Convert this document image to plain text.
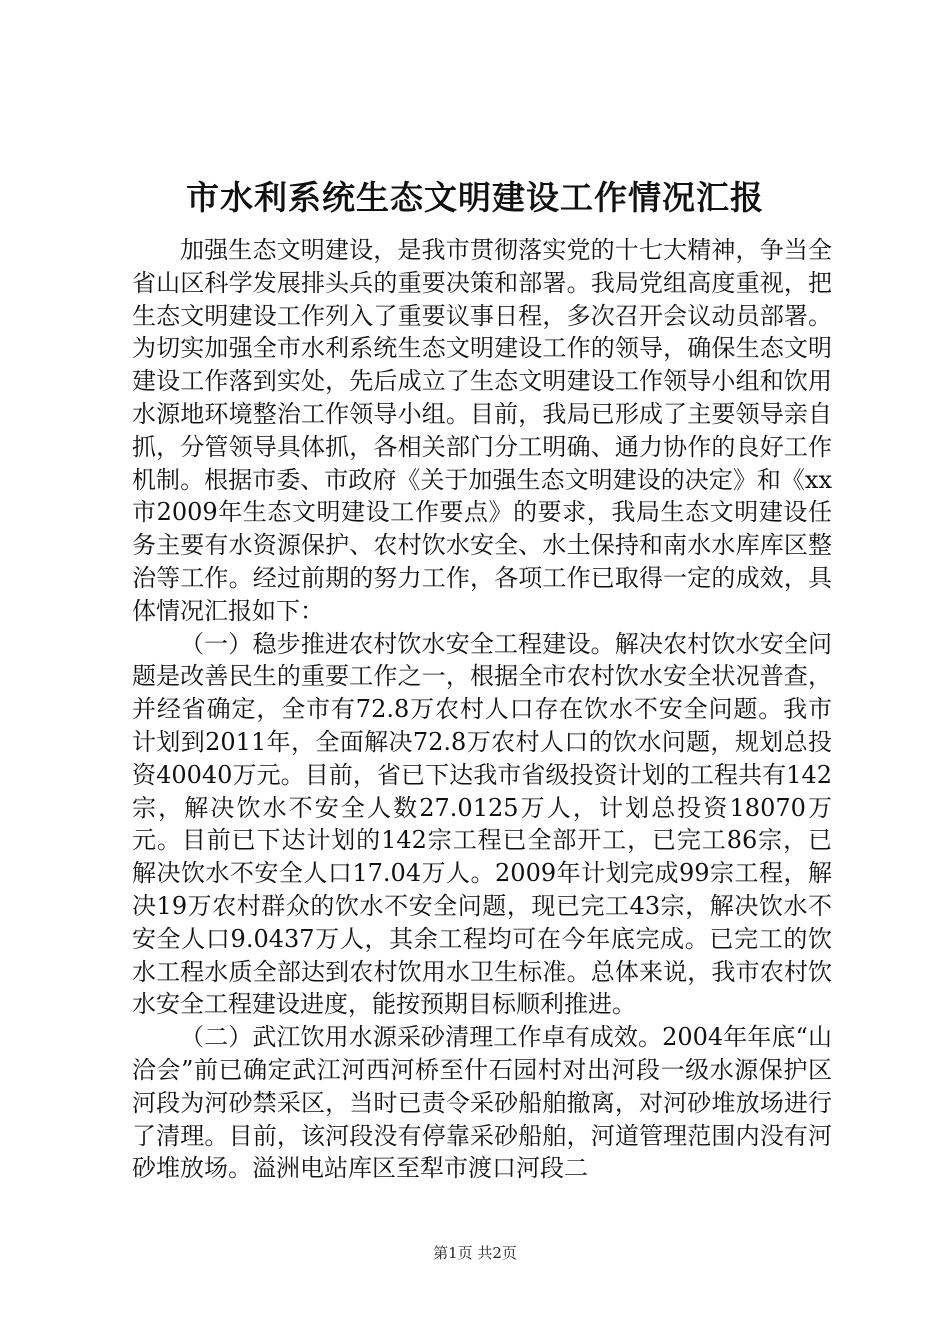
市水利系统生态文明建设工作情况汇报

加强生态文明建设，是我市贯彻落实党的十七大精神，争当全省山区科学发展排头兵的重要决策和部署。我局党组高度重视，把生态文明建设工作列入了重要议事日程，多次召开会议动员部署。为切实加强全市水利系统生态文明建设工作的领导，确保生态文明建设工作落到实处，先后成立了生态文明建设工作领导小组和饮用水源地环境整治工作领导小组。目前，我局已形成了主要领导亲自抓，分管领导具体抓，各相关部门分工明确、通力协作的良好工作机制。根据市委、市政府《关于加强生态文明建设的决定》和《xx市2009年生态文明建设工作要点》的要求，我局生态文明建设任务主要有水资源保护、农村饮水安全、水土保持和南水水库库区整治等工作。经过前期的努力工作，各项工作已取得一定的成效，具体情况汇报如下：

（一）稳步推进农村饮水安全工程建设。解决农村饮水安全问题是改善民生的重要工作之一，根据全市农村饮水安全状况普查，并经省确定，全市有72.8万农村人口存在饮水不安全问题。我市计划到2011年，全面解决72.8万农村人口的饮水问题，规划总投资40040万元。目前，省已下达我市省级投资计划的工程共有142宗，解决饮水不安全人数27.0125万人，计划总投资18070万元。目前已下达计划的142宗工程已全部开工，已完工86宗，已解决饮水不安全人口17.04万人。2009年计划完成99宗工程，解决19万农村群众的饮水不安全问题，现已完工43宗，解决饮水不安全人口9.0437万人，其余工程均可在今年底完成。已完工的饮水工程水质全部达到农村饮用水卫生标准。总体来说，我市农村饮水安全工程建设进度，能按预期目标顺利推进。

（二）武江饮用水源采砂清理工作卓有成效。2004年年底“山洽会”前已确定武江河西河桥至什石园村对出河段一级水源保护区河段为河砂禁采区，当时已责令采砂船舶撤离，对河砂堆放场进行了清理。目前，该河段没有停靠采砂船舶，河道管理范围内没有河砂堆放场。溢洲电站库区至犁市渡口河段二

第1页 共2页
